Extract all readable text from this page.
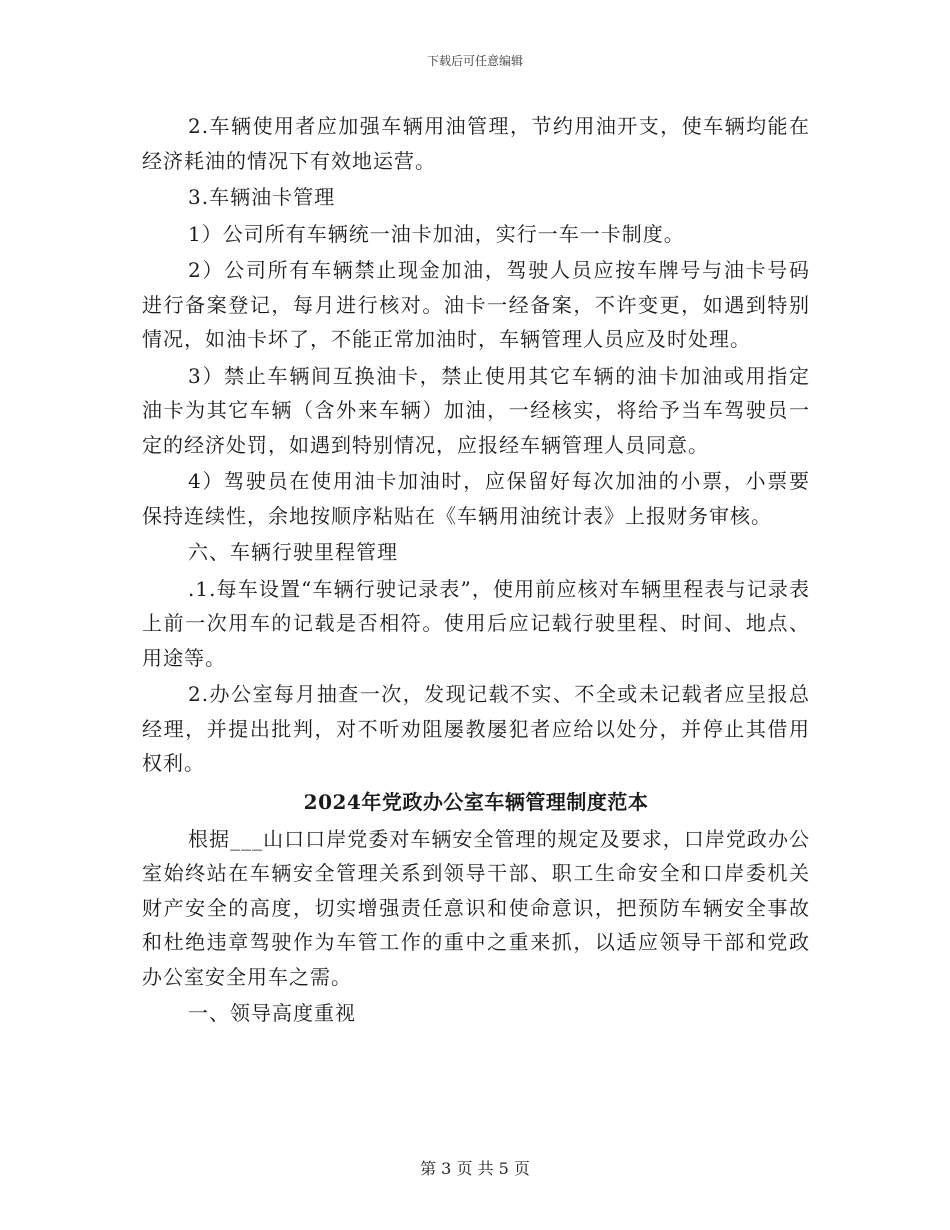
下载后可任意编辑

2.车辆使用者应加强车辆用油管理，节约用油开支，使车辆均能在经济耗油的情况下有效地运营。

3.车辆油卡管理

1）公司所有车辆统一油卡加油，实行一车一卡制度。

2）公司所有车辆禁止现金加油，驾驶人员应按车牌号与油卡号码进行备案登记，每月进行核对。油卡一经备案，不许变更，如遇到特别情况，如油卡坏了，不能正常加油时，车辆管理人员应及时处理。

3）禁止车辆间互换油卡，禁止使用其它车辆的油卡加油或用指定油卡为其它车辆（含外来车辆）加油，一经核实，将给予当车驾驶员一定的经济处罚，如遇到特别情况，应报经车辆管理人员同意。

4）驾驶员在使用油卡加油时，应保留好每次加油的小票，小票要保持连续性，余地按顺序粘贴在《车辆用油统计表》上报财务审核。

六、车辆行驶里程管理

.1.每车设置“车辆行驶记录表”，使用前应核对车辆里程表与记录表上前一次用车的记载是否相符。使用后应记载行驶里程、时间、地点、用途等。

2.办公室每月抽查一次，发现记载不实、不全或未记载者应呈报总经理，并提出批判，对不听劝阻屡教屡犯者应给以处分，并停止其借用权利。

2024年党政办公室车辆管理制度范本

根据___山口口岸党委对车辆安全管理的规定及要求，口岸党政办公室始终站在车辆安全管理关系到领导干部、职工生命安全和口岸委机关财产安全的高度，切实增强责任意识和使命意识，把预防车辆安全事故和杜绝违章驾驶作为车管工作的重中之重来抓，以适应领导干部和党政办公室安全用车之需。

一、领导高度重视

第 3 页 共 5 页
